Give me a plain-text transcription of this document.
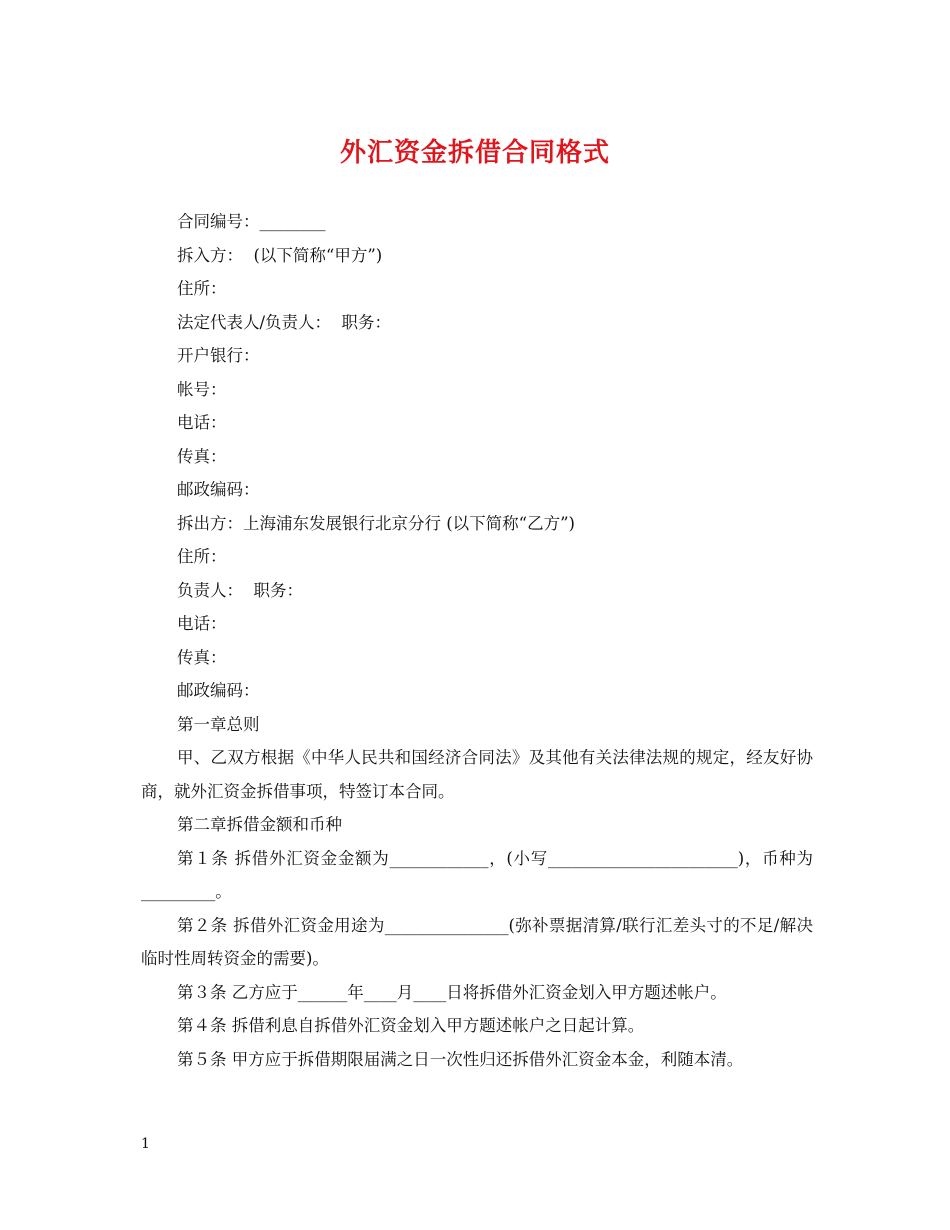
外汇资金拆借合同格式
合同编号：________
拆入方：  (以下简称“甲方”)
住所：
法定代表人/负责人：  职务：
开户银行：
帐号：
电话：
传真：
邮政编码：
拆出方：上海浦东发展银行北京分行 (以下简称“乙方”)
住所：
负责人：  职务：
电话：
传真：
邮政编码：
第一章总则
甲、乙双方根据《中华人民共和国经济合同法》及其他有关法律法规的规定，经友好协商，就外汇资金拆借事项，特签订本合同。
第二章拆借金额和币种
第１条 拆借外汇资金金额为____________，(小写_______________________)，币种为_________。
第２条 拆借外汇资金用途为_______________(弥补票据清算/联行汇差头寸的不足/解决临时性周转资金的需要)。
第３条 乙方应于______年____月____日将拆借外汇资金划入甲方题述帐户。
第４条 拆借利息自拆借外汇资金划入甲方题述帐户之日起计算。
第５条 甲方应于拆借期限届满之日一次性归还拆借外汇资金本金，利随本清。
1
